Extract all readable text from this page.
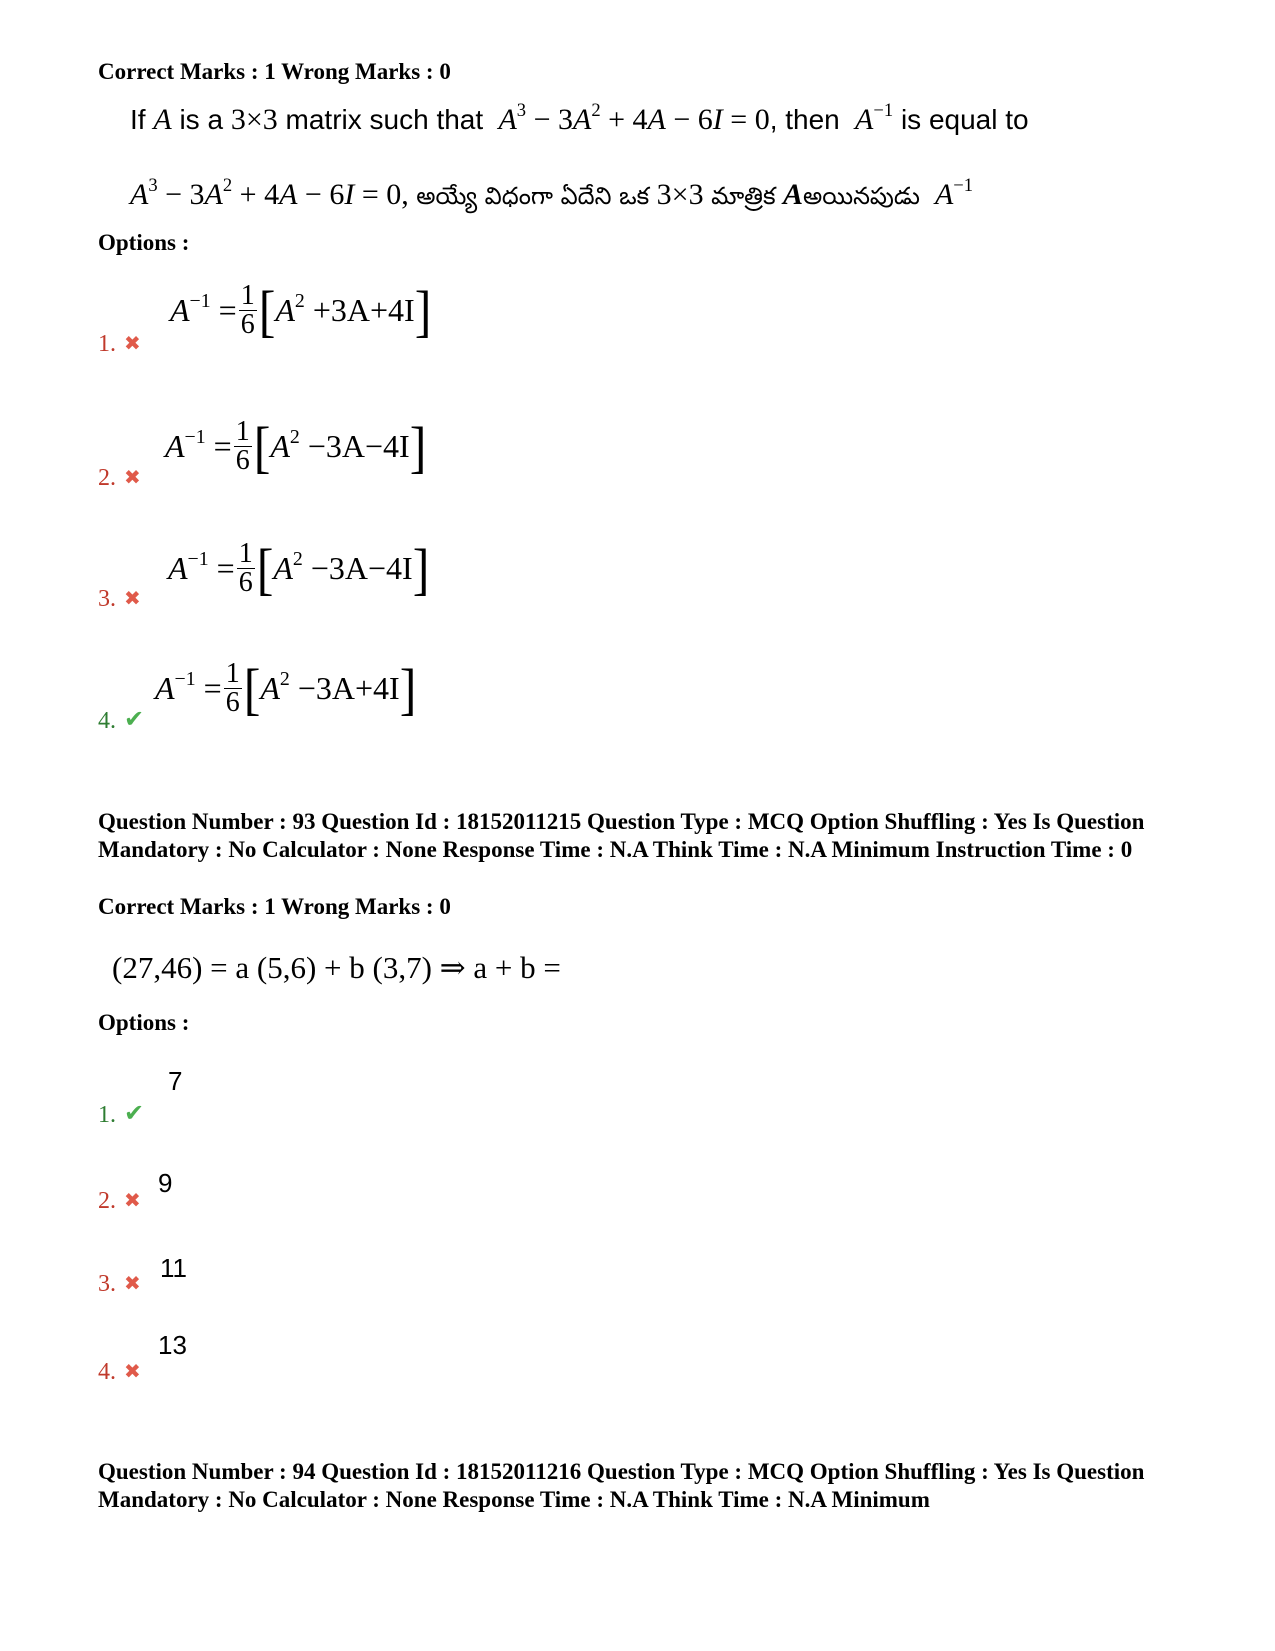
Correct Marks : 1 Wrong Marks : 0
If A is a 3×3 matrix such that $A^3 - 3A^2 + 4A - 6I = 0$, then $A^{-1}$ is equal to
$A^3 - 3A^2 + 4A - 6I = 0$, అయ్యే విధంగా ఏదేని ఒక 3×3 మాత్రిక Aఅయినపుడు $A^{-1}$
Options :
$A^{-1} = \frac{1}{6}$ [ $A^2 +3A+4I$ ]
1. ✖
$A^{-1} = \frac{1}{6}$ [ $A^2 -3A-4I$ ]
2. ✖
$A^{-1} = \frac{1}{6}$ [ $A^2 -3A-4I$ ]
3. ✖
$A^{-1} = \frac{1}{6}$ [ $A^2 -3A+4I$ ]
4. ✔
Question Number : 93 Question Id : 18152011215 Question Type : MCQ Option Shuffling : Yes Is Question Mandatory : No Calculator : None Response Time : N.A Think Time : N.A Minimum Instruction Time : 0
Correct Marks : 1 Wrong Marks : 0
(27,46) = a (5,6) + b (3,7) ⇒ a + b =
Options :
7
1. ✔
9
2. ✖
11
3. ✖
13
4. ✖
Question Number : 94 Question Id : 18152011216 Question Type : MCQ Option Shuffling : Yes Is Question Mandatory : No Calculator : None Response Time : N.A Think Time : N.A Minimum
